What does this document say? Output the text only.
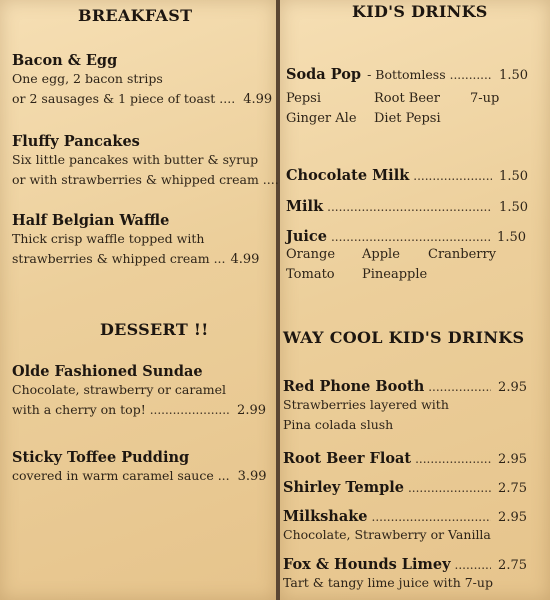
BREAKFAST
Bacon & Egg
One egg, 2 bacon strips
or 2 sausages & 1 piece of toast .... 4.99
Fluffy Pancakes
Six little pancakes with butter & syrup
or with strawberries & whipped cream ....
Half Belgian Waffle
Thick crisp waffle topped with
strawberries & whipped cream ... 4.99
DESSERT !!
Olde Fashioned Sundae
Chocolate, strawberry or caramel
with a cherry on top! .....	2.99
Sticky Toffee Pudding
covered in warm caramel sauce ... 3.99
KID'S DRINKS
Soda Pop - Bottomless .....	1.50
Pepsi	Root Beer	7-up
Ginger Ale	Diet Pepsi
Chocolate Milk .....	1.50
Milk .....	1.50
Juice .....	1.50
Orange	Apple	Cranberry
Tomato	Pineapple
WAY COOL KID'S DRINKS
Red Phone Booth .....	2.95
Strawberries layered with
Pina colada slush
Root Beer Float .....	2.95
Shirley Temple .....	2.75
Milkshake .....	2.95
Chocolate, Strawberry or Vanilla
Fox & Hounds Limey .....	2.75
Tart & tangy lime juice with 7-up
